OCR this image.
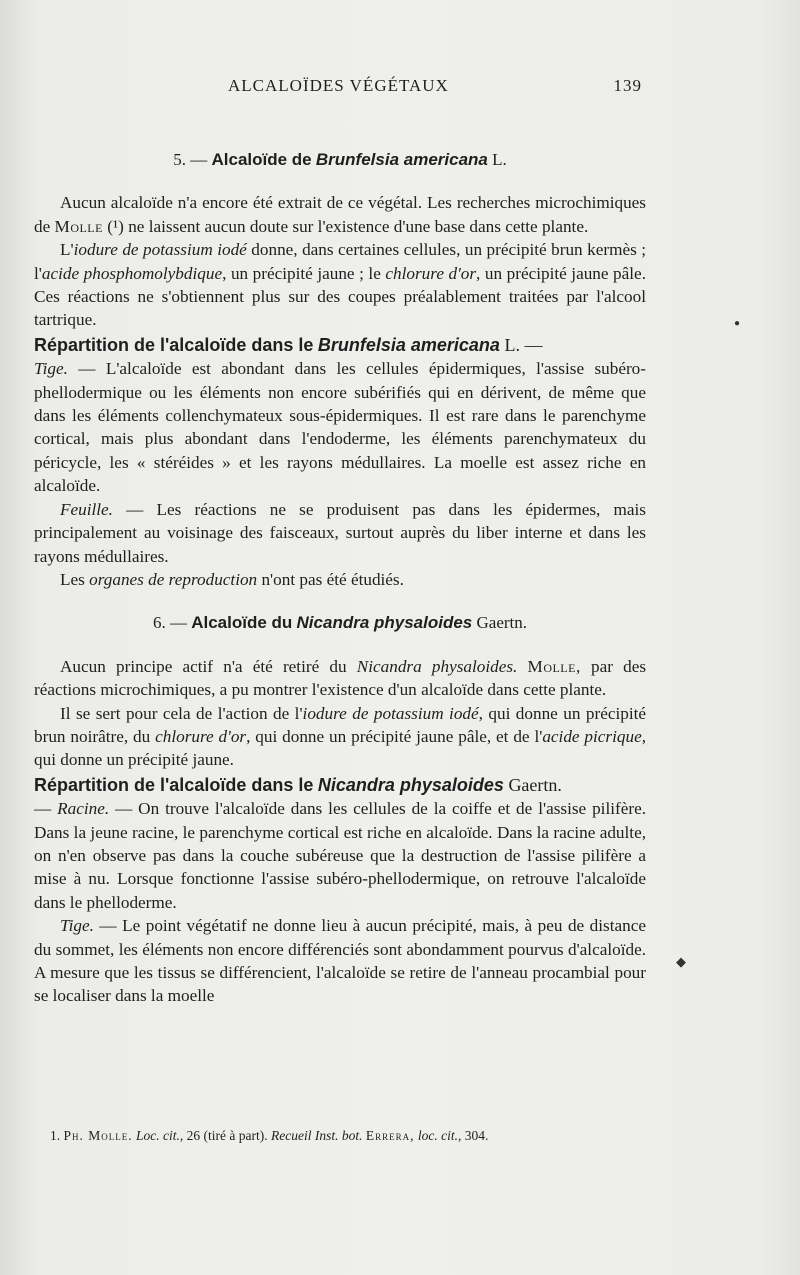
ALCALOÏDES VÉGÉTAUX	139
5. — Alcaloïde de Brunfelsia americana L.

Aucun alcaloïde n'a encore été extrait de ce végétal. Les recherches microchimiques de Molle (¹) ne laissent aucun doute sur l'existence d'une base dans cette plante.

L'iodure de potassium iodé donne, dans certaines cellules, un précipité brun kermès ; l'acide phosphomolybdique, un précipité jaune ; le chlorure d'or, un précipité jaune pâle. Ces réactions ne s'obtiennent plus sur des coupes préalablement traitées par l'alcool tartrique.

Répartition de l'alcaloïde dans le Brunfelsia americana L. —

Tige. — L'alcaloïde est abondant dans les cellules épidermiques, l'assise subéro-phellodermique ou les éléments non encore subérifiés qui en dérivent, de même que dans les éléments collenchymateux sous-épidermiques. Il est rare dans le parenchyme cortical, mais plus abondant dans l'endoderme, les éléments parenchymateux du péricycle, les « stéréides » et les rayons médullaires. La moelle est assez riche en alcaloïde.

Feuille. — Les réactions ne se produisent pas dans les épidermes, mais principalement au voisinage des faisceaux, surtout auprès du liber interne et dans les rayons médullaires.

Les organes de reproduction n'ont pas été étudiés.

6. — Alcaloïde du Nicandra physaloides Gaertn.

Aucun principe actif n'a été retiré du Nicandra physaloides. Molle, par des réactions microchimiques, a pu montrer l'existence d'un alcaloïde dans cette plante.

Il se sert pour cela de l'action de l'iodure de potassium iodé, qui donne un précipité brun noirâtre, du chlorure d'or, qui donne un précipité jaune pâle, et de l'acide picrique, qui donne un précipité jaune.

Répartition de l'alcaloïde dans le Nicandra physaloides Gaertn.

— Racine. — On trouve l'alcaloïde dans les cellules de la coiffe et de l'assise pilifère. Dans la jeune racine, le parenchyme cortical est riche en alcaloïde. Dans la racine adulte, on n'en observe pas dans la couche subéreuse que la destruction de l'assise pilifère a mise à nu. Lorsque fonctionne l'assise subéro-phellodermique, on retrouve l'alcaloïde dans le phelloderme.

Tige. — Le point végétatif ne donne lieu à aucun précipité, mais, à peu de distance du sommet, les éléments non encore différenciés sont abondamment pourvus d'alcaloïde. A mesure que les tissus se différencient, l'alcaloïde se retire de l'anneau procambial pour se localiser dans la moelle

1. Ph. Molle. Loc. cit., 26 (tiré à part). Recueil Inst. bot. Errera, loc. cit., 304.
●
◆
